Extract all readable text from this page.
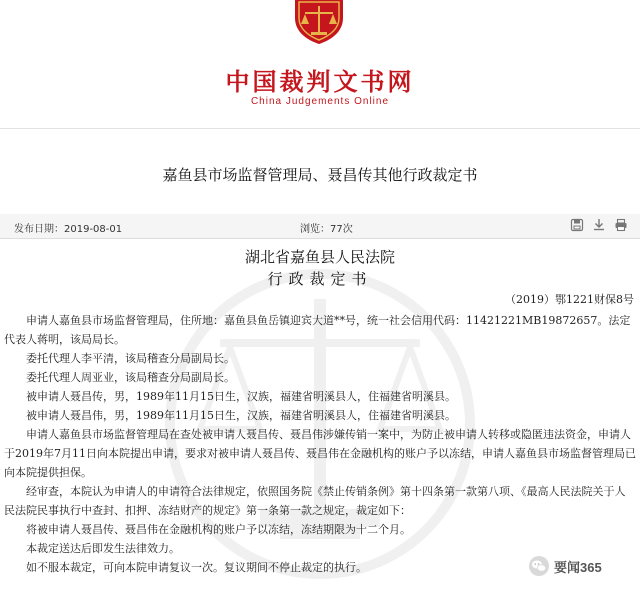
中国裁判文书网
China Judgements Online
嘉鱼县市场监督管理局、聂昌传其他行政裁定书
发布日期：2019-08-01	浏览：77次
湖北省嘉鱼县人民法院
行政裁定书
（2019）鄂1221财保8号

申请人嘉鱼县市场监督管理局，住所地：嘉鱼县鱼岳镇迎宾大道**号，统一社会信用代码：11421221MB19872657。法定代表人蒋明，该局局长。

委托代理人李平清，该局稽查分局副局长。

委托代理人周亚业，该局稽查分局副局长。

被申请人聂昌传，男，1989年11月15日生，汉族，福建省明溪县人，住福建省明溪县。

被申请人聂昌伟，男，1989年11月15日生，汉族，福建省明溪县人，住福建省明溪县。

申请人嘉鱼县市场监督管理局在查处被申请人聂昌传、聂昌伟涉嫌传销一案中，为防止被申请人转移或隐匿违法资金，申请人于2019年7月11日向本院提出申请，要求对被申请人聂昌传、聂昌伟在金融机构的账户予以冻结，申请人嘉鱼县市场监督管理局已向本院提供担保。

经审查，本院认为申请人的申请符合法律规定，依照国务院《禁止传销条例》第十四条第一款第八项、《最高人民法院关于人民法院民事执行中查封、扣押、冻结财产的规定》第一条第一款之规定，裁定如下：

将被申请人聂昌传、聂昌伟在金融机构的账户予以冻结，冻结期限为十二个月。

本裁定送达后即发生法律效力。

如不服本裁定，可向本院申请复议一次。复议期间不停止裁定的执行。	要闻365
